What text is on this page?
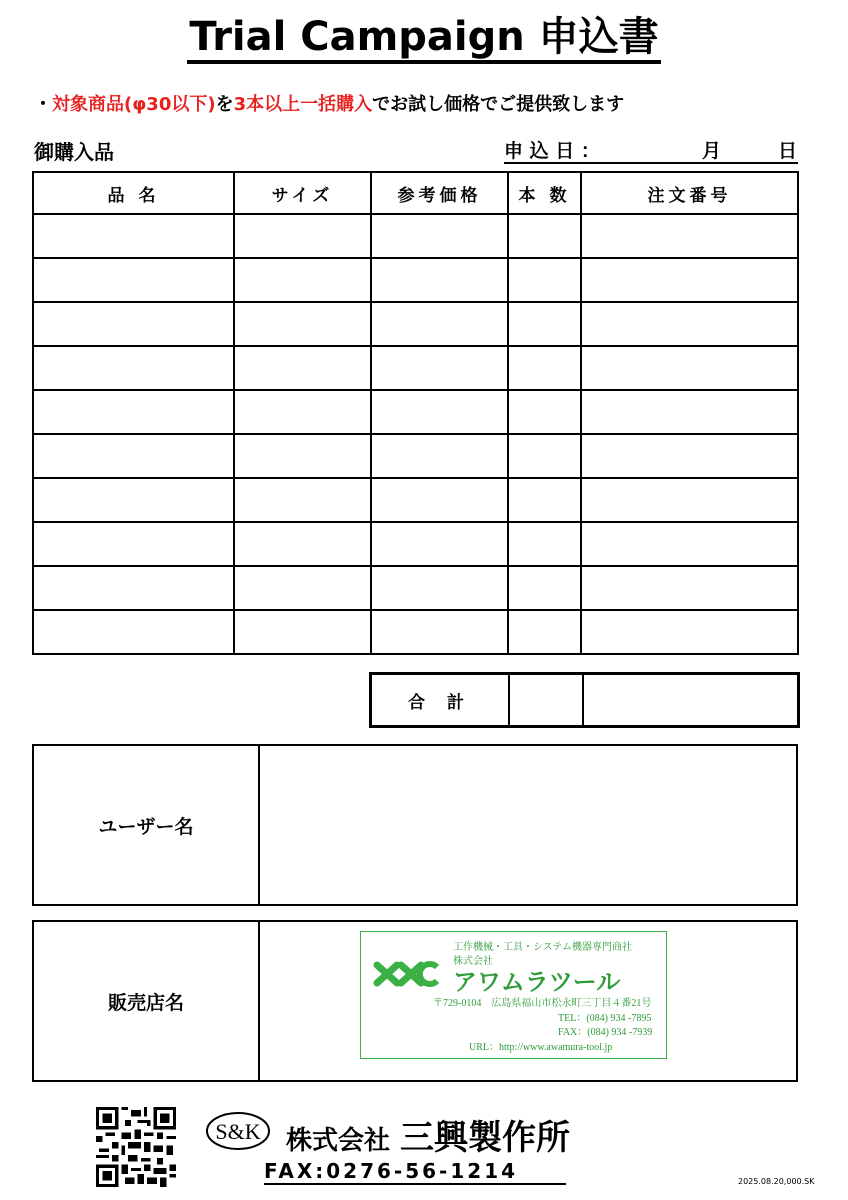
Trial Campaign 申込書
・対象商品(φ30以下)を3本以上一括購入でお試し価格でご提供致します
御購入品	申 込 日 ：	月	日
品 名	サイズ	参考価格	本 数	注文番号

合 計
ユーザー名
販売店名
工作機械・工具・システム機器専門商社
株式会社
アワムラツール
〒729-0104　広島県福山市松永町三丁目４番21号
TEL：(084) 934 -7895
FAX：(084) 934 -7939
URL：http://www.awamura-tool.jp
S&K 株式会社 三興製作所
FAX:0276-56-1214	2025.08.20,000.SK
